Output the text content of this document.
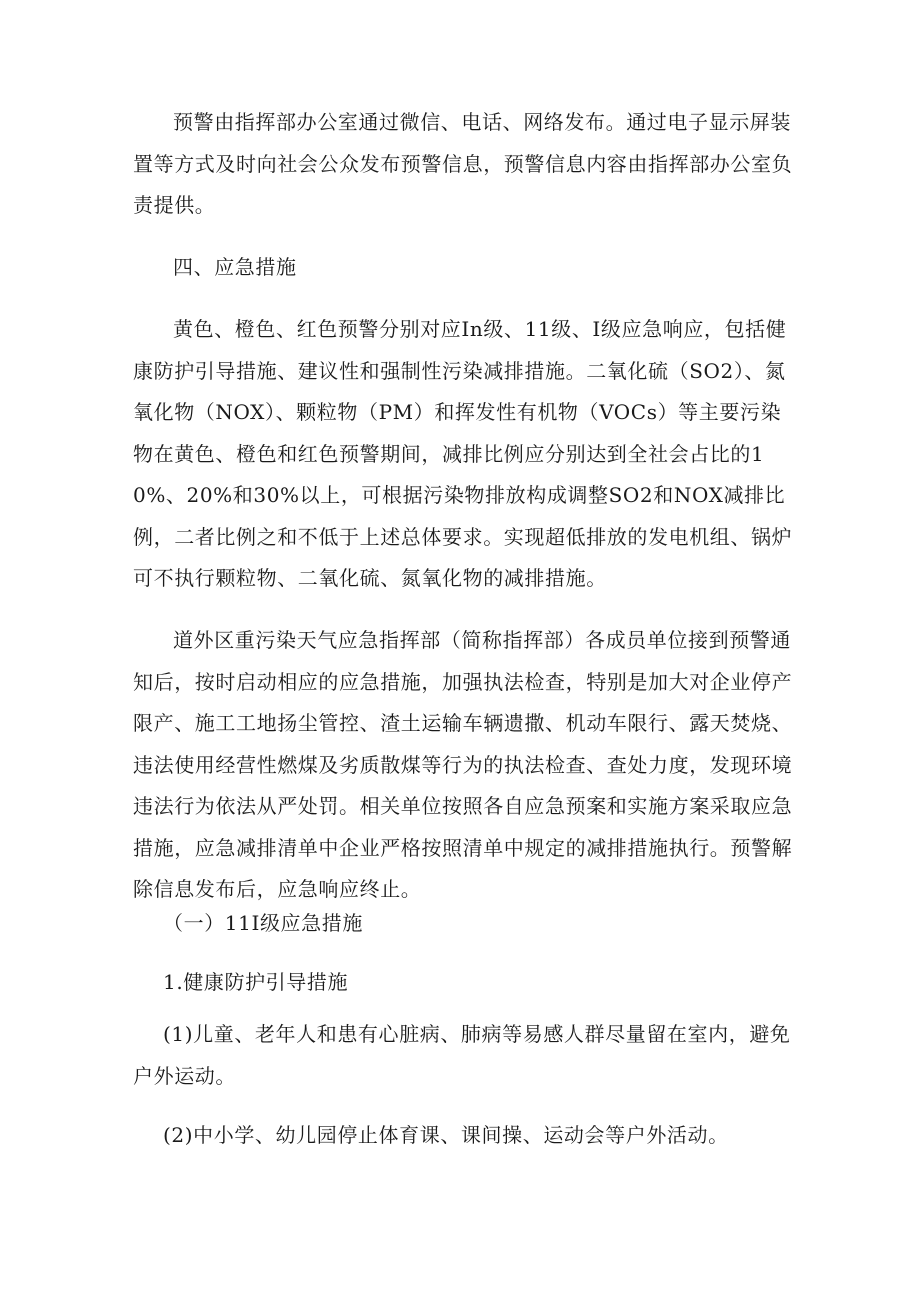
预警由指挥部办公室通过微信、电话、网络发布。通过电子显示屏装置等方式及时向社会公众发布预警信息，预警信息内容由指挥部办公室负责提供。

四、应急措施

黄色、橙色、红色预警分别对应In级、11级、I级应急响应，包括健康防护引导措施、建议性和强制性污染减排措施。二氧化硫（SO2）、氮氧化物（NOX）、颗粒物（PM）和挥发性有机物（VOCs）等主要污染物在黄色、橙色和红色预警期间，减排比例应分别达到全社会占比的10%、20%和30%以上，可根据污染物排放构成调整SO2和NOX减排比例，二者比例之和不低于上述总体要求。实现超低排放的发电机组、锅炉可不执行颗粒物、二氧化硫、氮氧化物的减排措施。

道外区重污染天气应急指挥部（简称指挥部）各成员单位接到预警通知后，按时启动相应的应急措施，加强执法检查，特别是加大对企业停产限产、施工工地扬尘管控、渣土运输车辆遗撒、机动车限行、露天焚烧、违法使用经营性燃煤及劣质散煤等行为的执法检查、查处力度，发现环境违法行为依法从严处罚。相关单位按照各自应急预案和实施方案采取应急措施，应急减排清单中企业严格按照清单中规定的减排措施执行。预警解除信息发布后，应急响应终止。

（一）11I级应急措施

1.健康防护引导措施

(1)儿童、老年人和患有心脏病、肺病等易感人群尽量留在室内，避免户外运动。

(2)中小学、幼儿园停止体育课、课间操、运动会等户外活动。
